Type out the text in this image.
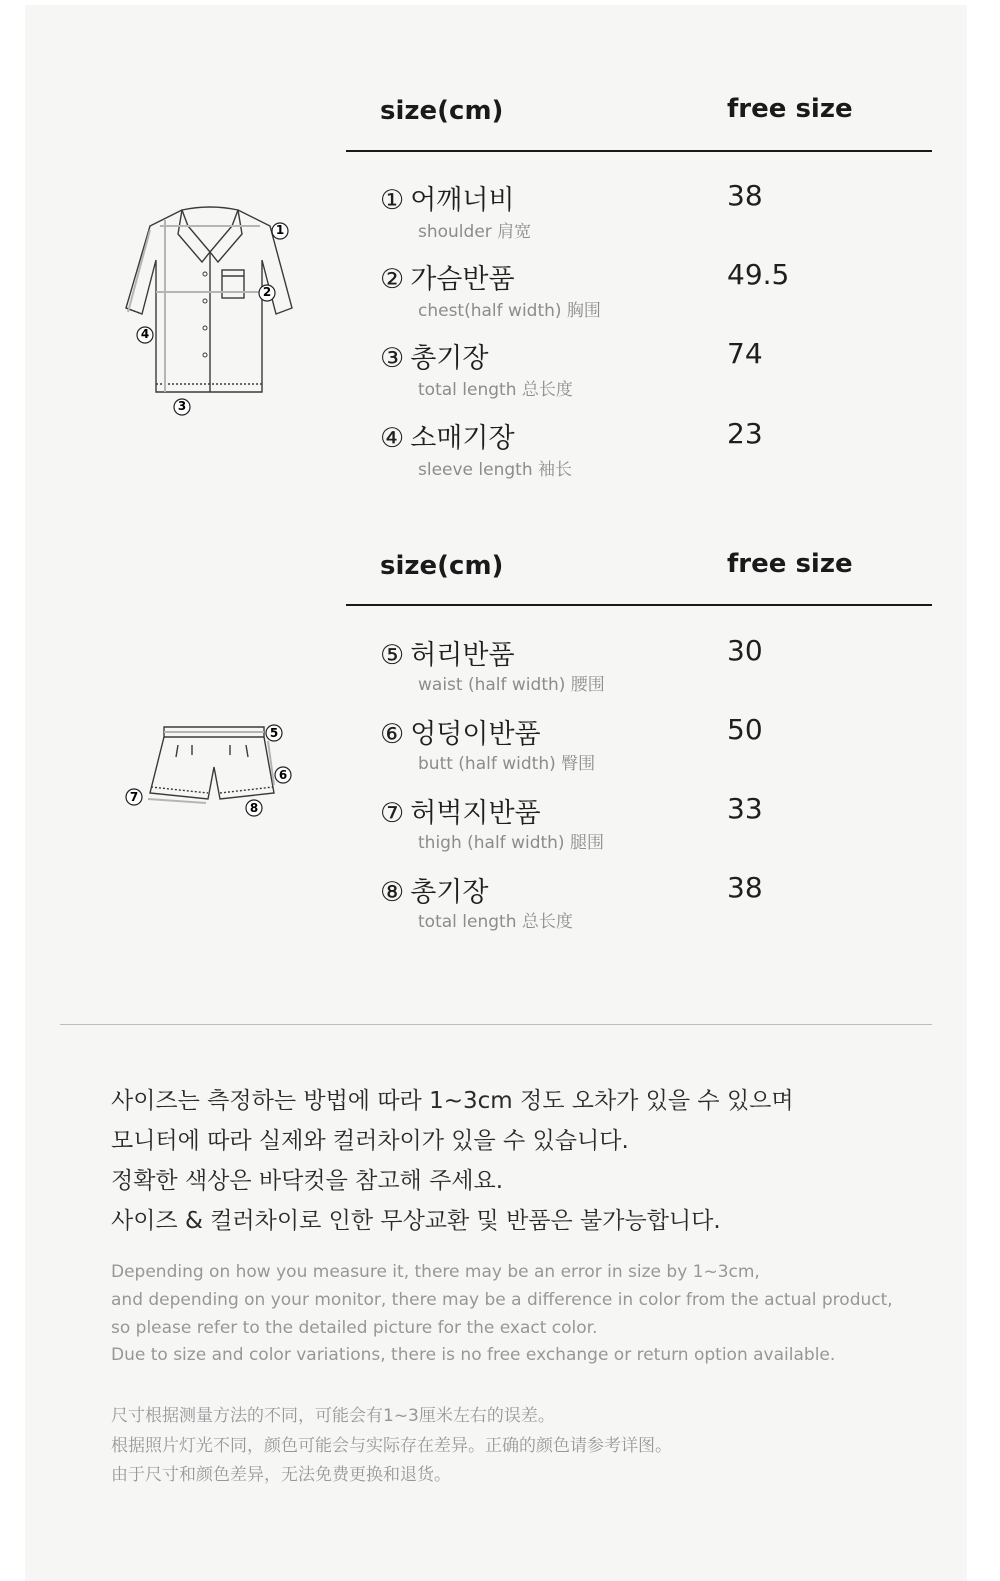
size(cm)	free size
① 어깨너비
shoulder 肩宽
38
② 가슴반품
chest(half width) 胸围
49.5
③ 총기장
total length 总长度
74
④ 소매기장
sleeve length 袖长
23
1
2
3
4
size(cm)	free size
⑤ 허리반품
waist (half width) 腰围
30
⑥ 엉덩이반품
butt (half width) 臀围
50
⑦ 허벅지반품
thigh (half width) 腿围
33
⑧ 총기장
total length 总长度
38
5
6
7
8
사이즈는 측정하는 방법에 따라 1~3cm 정도 오차가 있을 수 있으며
모니터에 따라 실제와 컬러차이가 있을 수 있습니다.
정확한 색상은 바닥컷을 참고해 주세요.
사이즈 & 컬러차이로 인한 무상교환 및 반품은 불가능합니다.
Depending on how you measure it, there may be an error in size by 1~3cm,
and depending on your monitor, there may be a difference in color from the actual product,
so please refer to the detailed picture for the exact color.
Due to size and color variations, there is no free exchange or return option available.
尺寸根据测量方法的不同，可能会有1~3厘米左右的误差。
根据照片灯光不同，颜色可能会与实际存在差异。正确的颜色请参考详图。
由于尺寸和颜色差异，无法免费更换和退货。
